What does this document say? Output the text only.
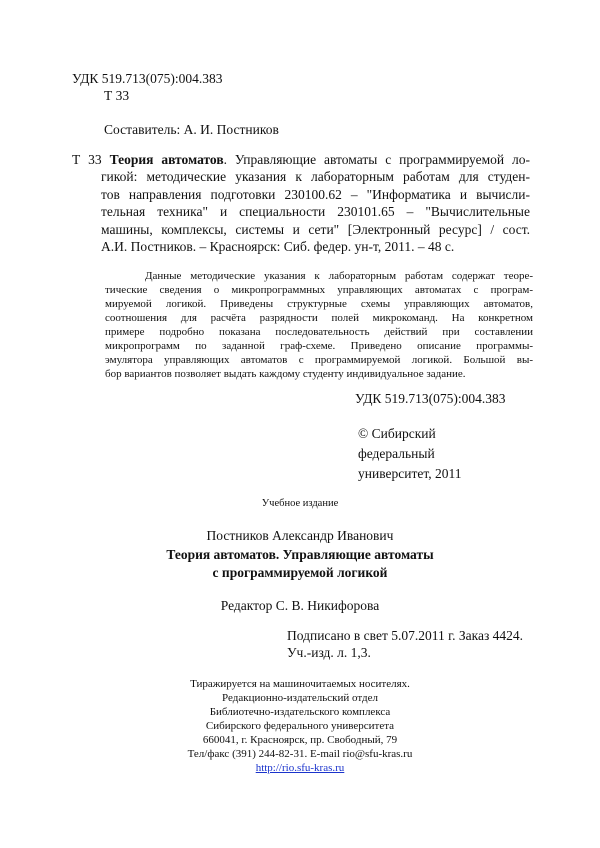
УДК 519.713(075):004.383
Т 33
Составитель: А. И. Постников
Т 33 Теория автоматов. Управляющие автоматы с программируемой ло-
гикой: методические указания к лабораторным работам для студен-
тов направления подготовки 230100.62 – "Информатика и вычисли-
тельная техника" и специальности 230101.65 – "Вычислительные
машины, комплексы, системы и сети" [Электронный ресурс] / сост.
А.И. Постников. – Красноярск: Сиб. федер. ун-т, 2011. – 48 с.
Данные методические указания к лабораторным работам содержат теоре-
тические сведения о микропрограммных управляющих автоматах с програм-
мируемой логикой. Приведены структурные схемы управляющих автоматов,
соотношения для расчёта разрядности полей микрокоманд. На конкретном
примере подробно показана последовательность действий при составлении
микропрограмм по заданной граф-схеме. Приведено описание программы-
эмулятора управляющих автоматов с программируемой логикой. Большой вы-
бор вариантов позволяет выдать каждому студенту индивидуальное задание.
УДК 519.713(075):004.383
© Сибирский
федеральный
университет, 2011
Учебное издание
Постников Александр Иванович
Теория автоматов. Управляющие автоматы
с программируемой логикой
Редактор С. В. Никифорова
Подписано в свет 5.07.2011 г. Заказ 4424.
Уч.-изд. л. 1,3.
Тиражируется на машиночитаемых носителях.
Редакционно-издательский отдел
Библиотечно-издательского комплекса
Сибирского федерального университета
660041, г. Красноярск, пр. Свободный, 79
Тел/факс (391) 244-82-31. E-mail rio@sfu-kras.ru
http://rio.sfu-kras.ru
